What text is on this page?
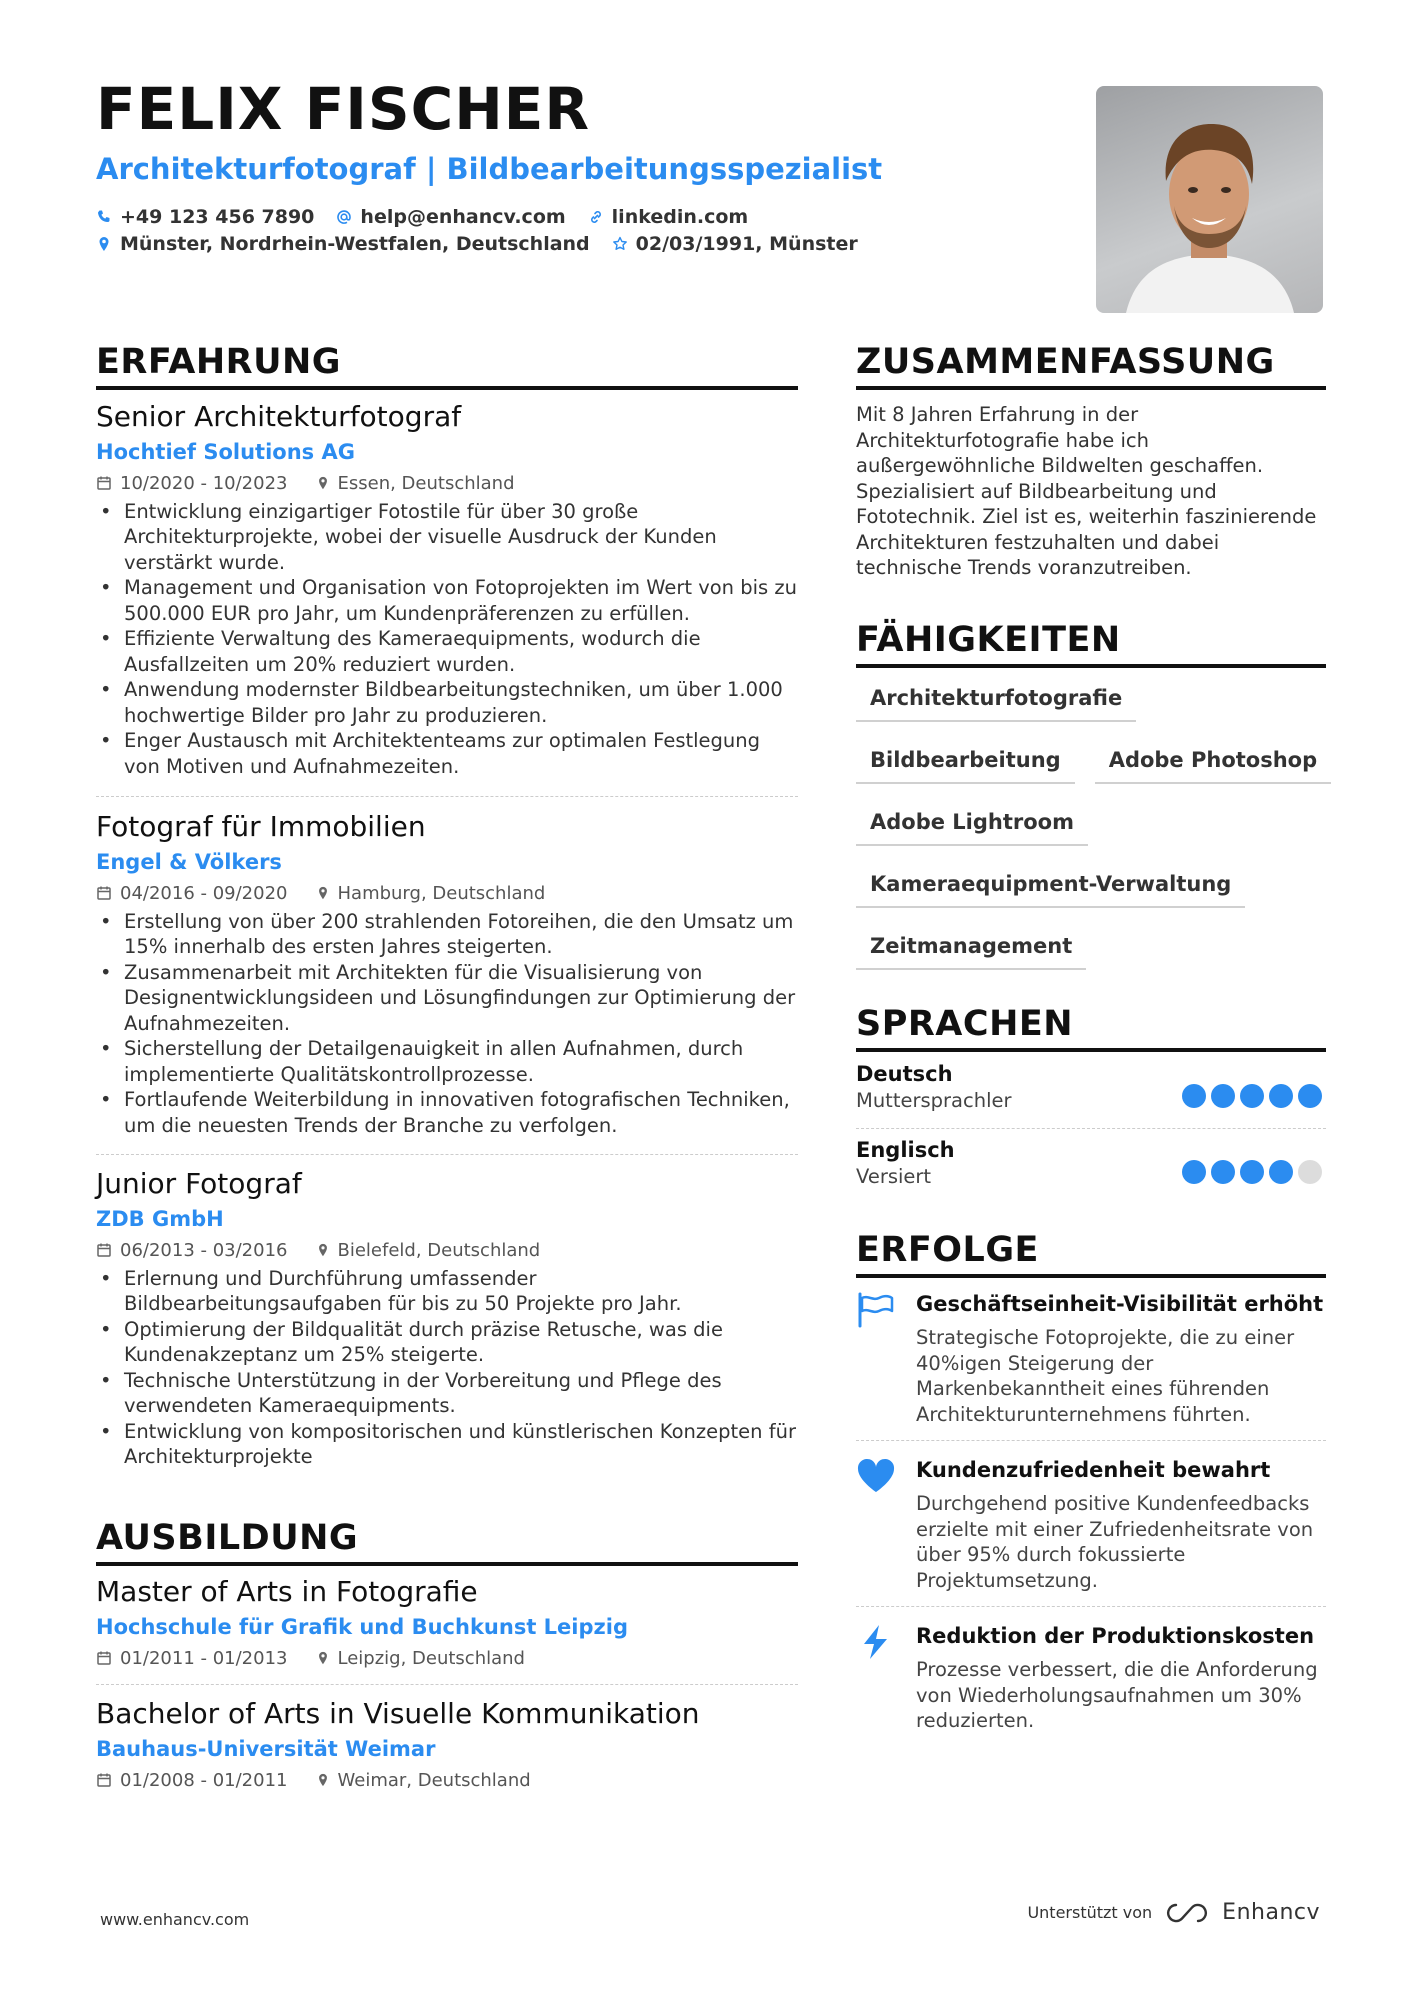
FELIX FISCHER
Architekturfotograf | Bildbearbeitungsspezialist
+49 123 456 7890 help@enhancv.com linkedin.com
Münster, Nordrhein-Westfalen, Deutschland 02/03/1991, Münster
ERFAHRUNG
Senior Architekturfotograf
Hochtief Solutions AG
10/2020 - 10/2023	Essen, Deutschland
• Entwicklung einzigartiger Fotostile für über 30 große Architekturprojekte, wobei der visuelle Ausdruck der Kunden verstärkt wurde.
• Management und Organisation von Fotoprojekten im Wert von bis zu 500.000 EUR pro Jahr, um Kundenpräferenzen zu erfüllen.
• Effiziente Verwaltung des Kameraequipments, wodurch die Ausfallzeiten um 20% reduziert wurden.
• Anwendung modernster Bildbearbeitungstechniken, um über 1.000 hochwertige Bilder pro Jahr zu produzieren.
• Enger Austausch mit Architektenteams zur optimalen Festlegung von Motiven und Aufnahmezeiten.
Fotograf für Immobilien
Engel & Völkers
04/2016 - 09/2020	Hamburg, Deutschland
• Erstellung von über 200 strahlenden Fotoreihen, die den Umsatz um 15% innerhalb des ersten Jahres steigerten.
• Zusammenarbeit mit Architekten für die Visualisierung von Designentwicklungsideen und Lösungfindungen zur Optimierung der Aufnahmezeiten.
• Sicherstellung der Detailgenauigkeit in allen Aufnahmen, durch implementierte Qualitätskontrollprozesse.
• Fortlaufende Weiterbildung in innovativen fotografischen Techniken, um die neuesten Trends der Branche zu verfolgen.
Junior Fotograf
ZDB GmbH
06/2013 - 03/2016	Bielefeld, Deutschland
• Erlernung und Durchführung umfassender Bildbearbeitungsaufgaben für bis zu 50 Projekte pro Jahr.
• Optimierung der Bildqualität durch präzise Retusche, was die Kundenakzeptanz um 25% steigerte.
• Technische Unterstützung in der Vorbereitung und Pflege des verwendeten Kameraequipments.
• Entwicklung von kompositorischen und künstlerischen Konzepten für Architekturprojekte
AUSBILDUNG
Master of Arts in Fotografie
Hochschule für Grafik und Buchkunst Leipzig
01/2011 - 01/2013	Leipzig, Deutschland
Bachelor of Arts in Visuelle Kommunikation
Bauhaus-Universität Weimar
01/2008 - 01/2011	Weimar, Deutschland
ZUSAMMENFASSUNG
Mit 8 Jahren Erfahrung in der Architekturfotografie habe ich außergewöhnliche Bildwelten geschaffen. Spezialisiert auf Bildbearbeitung und Fototechnik. Ziel ist es, weiterhin faszinierende Architekturen festzuhalten und dabei technische Trends voranzutreiben.
FÄHIGKEITEN
Architekturfotografie
Bildbearbeitung	Adobe Photoshop
Adobe Lightroom
Kameraequipment-Verwaltung
Zeitmanagement
SPRACHEN
Deutsch
Muttersprachler
Englisch
Versiert
ERFOLGE
Geschäftseinheit-Visibilität erhöht
Strategische Fotoprojekte, die zu einer 40%igen Steigerung der Markenbekanntheit eines führenden Architekturunternehmens führten.
Kundenzufriedenheit bewahrt
Durchgehend positive Kundenfeedbacks erzielte mit einer Zufriedenheitsrate von über 95% durch fokussierte Projektumsetzung.
Reduktion der Produktionskosten
Prozesse verbessert, die die Anforderung von Wiederholungsaufnahmen um 30% reduzierten.
www.enhancv.com	Unterstützt von	Enhancv
